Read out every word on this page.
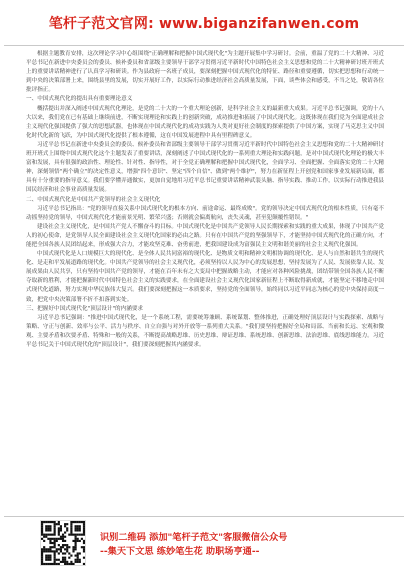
笔杆子范文官网: www.biganzifanwen.com

根据主题教育安排，这次理论学习中心组围绕"正确理解和把握中国式现代化"为主题开展集中学习研讨。会前，重温了党的二十大精神、习近平总书记在新进中央委员会的委员、候补委员和省部级主要领导干部学习贯彻习近平新时代中国特色社会主义思想和党的二十大精神研讨班开班式上的重要讲话精神进行了认真学习和研读。作为县政府一名班子成员，要深刻把握中国式现代化的特征、路径和重要遵循，切实把思想和行动统一到中央的决策部署上来，围绕县里的发展，切实开展好工作，以实际行动推进经济社会高质量发展，下面，谈些体会和感受，不当之处，敬请各位批评指正。

一、中国式现代化的提出具有重要理论意义

概括提出并深入阐述中国式现代化理论，是党的二十大的一个重大理论创新，是科学社会主义的最新重大成果。习近平总书记强调，党的十八大以来，我们党在已有基础上继续前进，不断实现理论和实践上的创新突破，成功推进和拓展了中国式现代化。这既体现在我们党为全面建成社会主义现代化强国提供了强大的思想武器，也体现在中国式现代化的成功实践为人类对更好社会制度的探索提供了中国方案，实现了马克思主义中国化时代化新的飞跃，为中国式现代化提供了根本遵循，这在中国发展进程中具有里程碑意义。

习近平总书记在新进中央委员会的委员、候补委员和省部级主要领导干部学习贯彻习近平新时代中国特色社会主义思想和党的二十大精神研讨班开班式上围绕中国式现代化这个主题发表了重要讲话，深刻阐述了中国式现代化的一系列重大理论和实践问题，是对中国式现代化理论的极大丰富和发展，具有很强的政治性、理论性、针对性、指导性，对于全党正确理解和把握中国式现代化，全面学习、全面把握、全面落实党的二十大精神，深刻领悟"两个确立"的决定性意义，增强"四个意识"、坚定"四个自信"、做到"两个维护"，努力在新征程上开创党和国家事业发展新局面，都具有十分重要的指导意义。我们要学懂弄通做实，更加自觉地用习近平总书记重要讲话精神武装头脑、指导实践、推动工作，以实际行动推进我县国民经济和社会事业高质量发展。

二、中国式现代化是中国共产党领导的社会主义现代化

习近平总书记指出："党的领导直接关系中国式现代化的根本方向、前途命运、最终成败"。党的领导决定中国式现代化的根本性质，只有毫不动摇坚持党的领导，中国式现代化才能前景光明、繁荣兴盛；否则就会偏离航向，丧失灵魂，甚至犯颠覆性错误。"

建设社会主义现代化，是中国共产党人不懈奋斗的目标。中国式现代化是中国共产党领导人民长期探索和实践的重大成果，体现了中国共产党人的初心使命，是党领导人民全面建设社会主义现代化国家的必由之路。只有在中国共产党的坚强领导下，才能坚持中国式现代化的正确方向，才能把全国各族人民团结起来，形成强大合力，才能攻坚克难、奋勇前进，把我国建设成为富强民主文明和谐美丽的社会主义现代化强国。

中国式现代化是人口规模巨大的现代化、是全体人民共同富裕的现代化、是物质文明和精神文明相协调的现代化、是人与自然和谐共生的现代化、是走和平发展道路的现代化。中国共产党领导的社会主义现代化，必须坚持以人民为中心的发展思想，坚持发展为了人民、发展依靠人民、发展成果由人民共享，只有坚持中国共产党的领导，才能在百年未有之大变局中把握战略主动，才能应对各种风险挑战，团结带领全国各族人民不断夺取新的胜利，才能把握新时代中国特色社会主义的实践要求，在全面建设社会主义现代化国家新征程上不断取得新成就，才能坚定不移地走中国式现代化道路，努力实现中华民族伟大复兴。我们要深刻把握这一本质要求，坚持党的全面领导，始终同以习近平同志为核心的党中央保持高度一致，把党中央决策部署不折不扣落到实处。

三、把握好中国式现代化"顶层设计"的内涵要求

习近平总书记强调："推进中国式现代化，是一个系统工程，需要统筹兼顾、系统谋划、整体推进，正确处理好顶层设计与实践探索、战略与策略、守正与创新、效率与公平、活力与秩序、自立自强与对外开放等一系列重大关系。"我们要坚持把握好全局和局部、当前和长远、宏观和微观、主要矛盾和次要矛盾、特殊和一般的关系，不断提高战略思维、历史思维、辩证思维、系统思维、创新思维、法治思维、底线思维能力。习近平总书记关于中国式现代化的"顶层设计"，我们要深刻把握其内涵要求。

识别二维码 添加"笔杆子范文"客服微信公众号
--集天下文思 练妙笔生花 助职场亨通--
